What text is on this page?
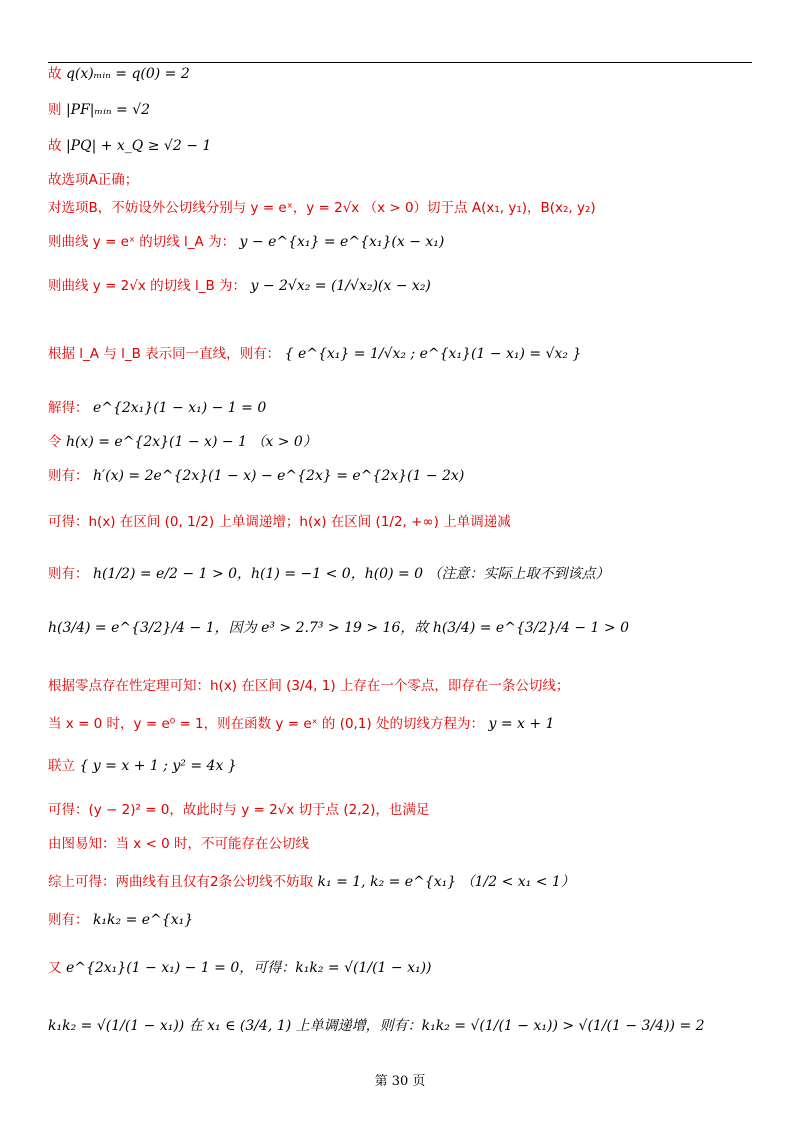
故 q(x)ₘᵢₙ = q(0) = 2
则 |PF|ₘᵢₙ = √2
故 |PQ| + x_Q ≥ √2 − 1
故选项A正确；
对选项B，不妨设外公切线分别与 y = eˣ，y = 2√x （x > 0）切于点 A(x₁, y₁)，B(x₂, y₂)
则曲线 y = eˣ 的切线 l_A 为： y − e^{x₁} = e^{x₁}(x − x₁)
则曲线 y = 2√x 的切线 l_B 为： y − 2√x₂ = (1/√x₂)(x − x₂)
根据 l_A 与 l_B 表示同一直线，则有： { e^{x₁} = 1/√x₂ ; e^{x₁}(1 − x₁) = √x₂ }
解得： e^{2x₁}(1 − x₁) − 1 = 0
令 h(x) = e^{2x}(1 − x) − 1 （x > 0）
则有： h′(x) = 2e^{2x}(1 − x) − e^{2x} = e^{2x}(1 − 2x)
可得：h(x) 在区间 (0, 1/2) 上单调递增；h(x) 在区间 (1/2, +∞) 上单调递减
则有： h(1/2) = e/2 − 1 > 0，h(1) = −1 < 0，h(0) = 0 （注意：实际上取不到该点）
h(3/4) = e^{3/2}/4 − 1，因为 e³ > 2.7³ > 19 > 16，故 h(3/4) = e^{3/2}/4 − 1 > 0
根据零点存在性定理可知：h(x) 在区间 (3/4, 1) 上存在一个零点，即存在一条公切线；
当 x = 0 时，y = e⁰ = 1，则在函数 y = eˣ 的 (0,1) 处的切线方程为： y = x + 1
联立 { y = x + 1 ; y² = 4x }
可得：(y − 2)² = 0，故此时与 y = 2√x 切于点 (2,2)，也满足
由图易知：当 x < 0 时，不可能存在公切线
综上可得：两曲线有且仅有2条公切线不妨取 k₁ = 1, k₂ = e^{x₁} （1/2 < x₁ < 1）
则有： k₁k₂ = e^{x₁}
又 e^{2x₁}(1 − x₁) − 1 = 0，可得：k₁k₂ = √(1/(1 − x₁))
k₁k₂ = √(1/(1 − x₁)) 在 x₁ ∈ (3/4, 1) 上单调递增，则有：k₁k₂ = √(1/(1 − x₁)) > √(1/(1 − 3/4)) = 2
第 30 页
